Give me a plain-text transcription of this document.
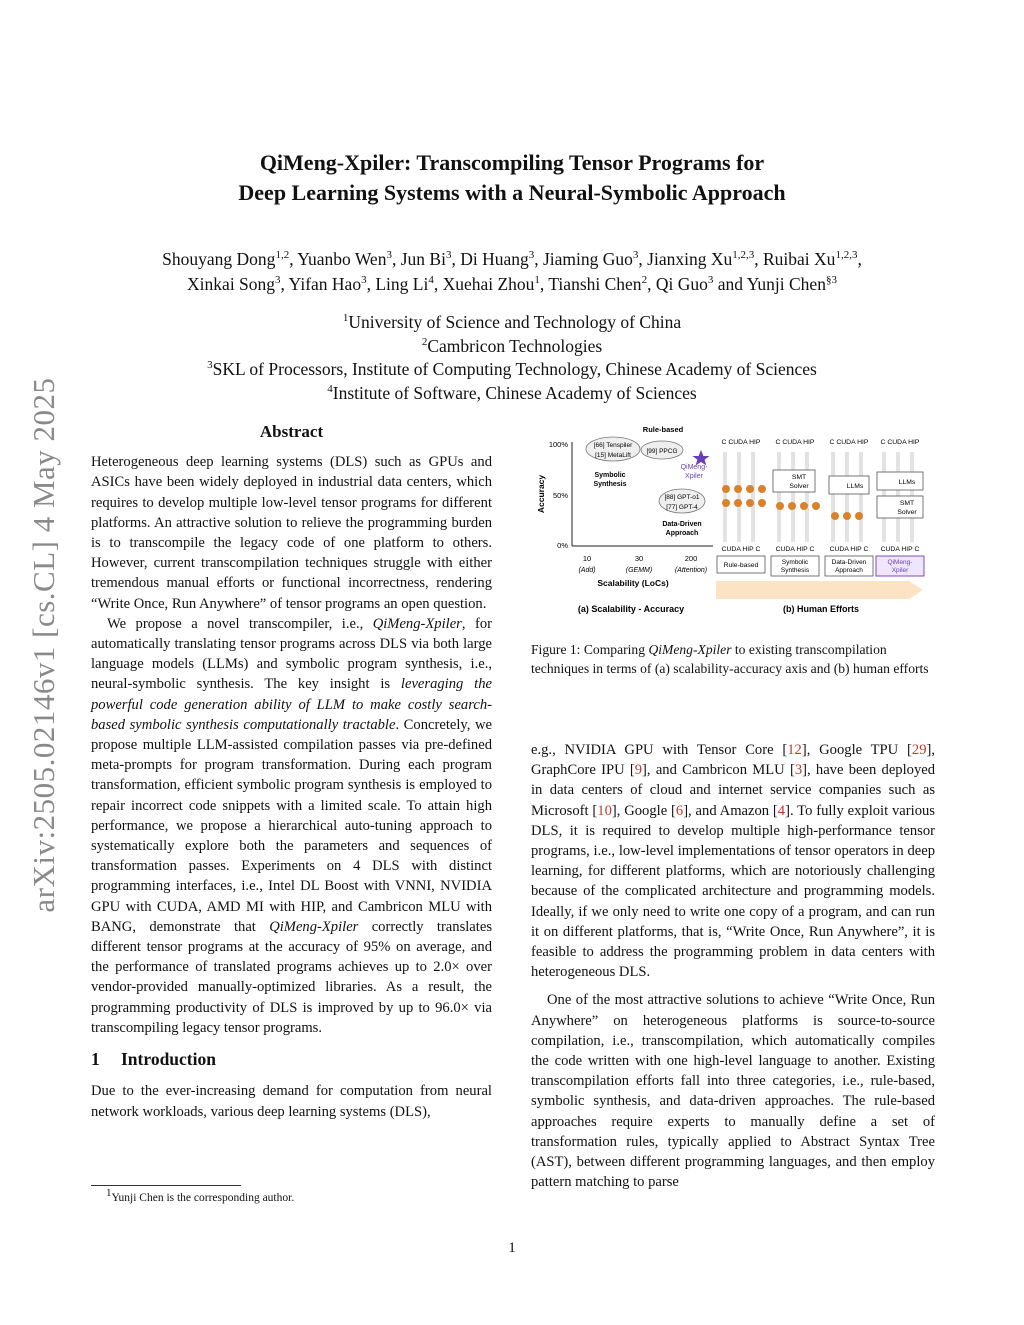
arXiv:2505.02146v1 [cs.CL] 4 May 2025
QiMeng-Xpiler: Transcompiling Tensor Programs for
Deep Learning Systems with a Neural-Symbolic Approach
Shouyang Dong$^{1,2}$, Yuanbo Wen$^3$, Jun Bi$^3$, Di Huang$^3$, Jiaming Guo$^3$, Jianxing Xu$^{1,2,3}$, Ruibai Xu$^{1,2,3}$,
Xinkai Song$^3$, Yifan Hao$^3$, Ling Li$^4$, Xuehai Zhou$^1$, Tianshi Chen$^2$, Qi Guo$^3$ and Yunji Chen$^{\S 3}$
$^1$University of Science and Technology of China
$^2$Cambricon Technologies
$^3$SKL of Processors, Institute of Computing Technology, Chinese Academy of Sciences
$^4$Institute of Software, Chinese Academy of Sciences
Abstract

Heterogeneous deep learning systems (DLS) such as GPUs and ASICs have been widely deployed in industrial data centers, which requires to develop multiple low-level tensor programs for different platforms. An attractive solution to relieve the programming burden is to transcompile the legacy code of one platform to others. However, current transcompilation techniques struggle with either tremendous manual efforts or functional incorrectness, rendering “Write Once, Run Anywhere” of tensor programs an open question.

We propose a novel transcompiler, i.e., QiMeng-Xpiler, for automatically translating tensor programs across DLS via both large language models (LLMs) and symbolic program synthesis, i.e., neural-symbolic synthesis. The key insight is leveraging the powerful code generation ability of LLM to make costly search-based symbolic synthesis computationally tractable. Concretely, we propose multiple LLM-assisted compilation passes via pre-defined meta-prompts for program transformation. During each program transformation, efficient symbolic program synthesis is employed to repair incorrect code snippets with a limited scale. To attain high performance, we propose a hierarchical auto-tuning approach to systematically explore both the parameters and sequences of transformation passes. Experiments on 4 DLS with distinct programming interfaces, i.e., Intel DL Boost with VNNI, NVIDIA GPU with CUDA, AMD MI with HIP, and Cambricon MLU with BANG, demonstrate that QiMeng-Xpiler correctly translates different tensor programs at the accuracy of 95% on average, and the performance of translated programs achieves up to 2.0× over vendor-provided manually-optimized libraries. As a result, the programming productivity of DLS is improved by up to 96.0× via transcompiling legacy tensor programs.

1 Introduction

Due to the ever-increasing demand for computation from neural network workloads, various deep learning systems (DLS),

e.g., NVIDIA GPU with Tensor Core [12], Google TPU [29], GraphCore IPU [9], and Cambricon MLU [3], have been deployed in data centers of cloud and internet service companies such as Microsoft [10], Google [6], and Amazon [4]. To fully exploit various DLS, it is required to develop multiple high-performance tensor programs, i.e., low-level implementations of tensor operators in deep learning, for different platforms, which are notoriously challenging because of the complicated architecture and programming models. Ideally, if we only need to write one copy of a program, and can run it on different platforms, that is, “Write Once, Run Anywhere”, it is feasible to address the programming problem in data centers with heterogeneous DLS.

One of the most attractive solutions to achieve “Write Once, Run Anywhere” on heterogeneous platforms is source-to-source compilation, i.e., transcompilation, which automatically compiles the code written with one high-level language to another. Existing transcompilation efforts fall into three categories, i.e., rule-based, symbolic synthesis, and data-driven approaches. The rule-based approaches require experts to manually define a set of transformation rules, typically applied to Abstract Syntax Tree (AST), between different programming languages, and then employ pattern matching to parse

100%
50%
0%
Accuracy
10	30	200
(Add)	(GEMM)	(Attention)
Scalability (LoCs)
Rule-based
[66] Tenspiler
[15] MetaLift
[99] PPCG
Symbolic
Synthesis
[88] GPT-o1
[77] GPT-4
Data-Driven
Approach
QiMeng-
Xpiler
(a) Scalability - Accuracy	(b) Human Efforts
C CUDA HIP
CUDA HIP C
Rule-based
C CUDA HIP
SMT
Solver
CUDA HIP C
Symbolic
Synthesis
C CUDA HIP
LLMs
CUDA HIP C
Data-Driven
Approach
C CUDA HIP
LLMs
SMT
Solver
CUDA HIP C
QiMeng-
Xpiler
Figure 1: Comparing QiMeng-Xpiler to existing transcompilation techniques in terms of (a) scalability-accuracy axis and (b) human efforts
$^1$Yunji Chen is the corresponding author.
1
